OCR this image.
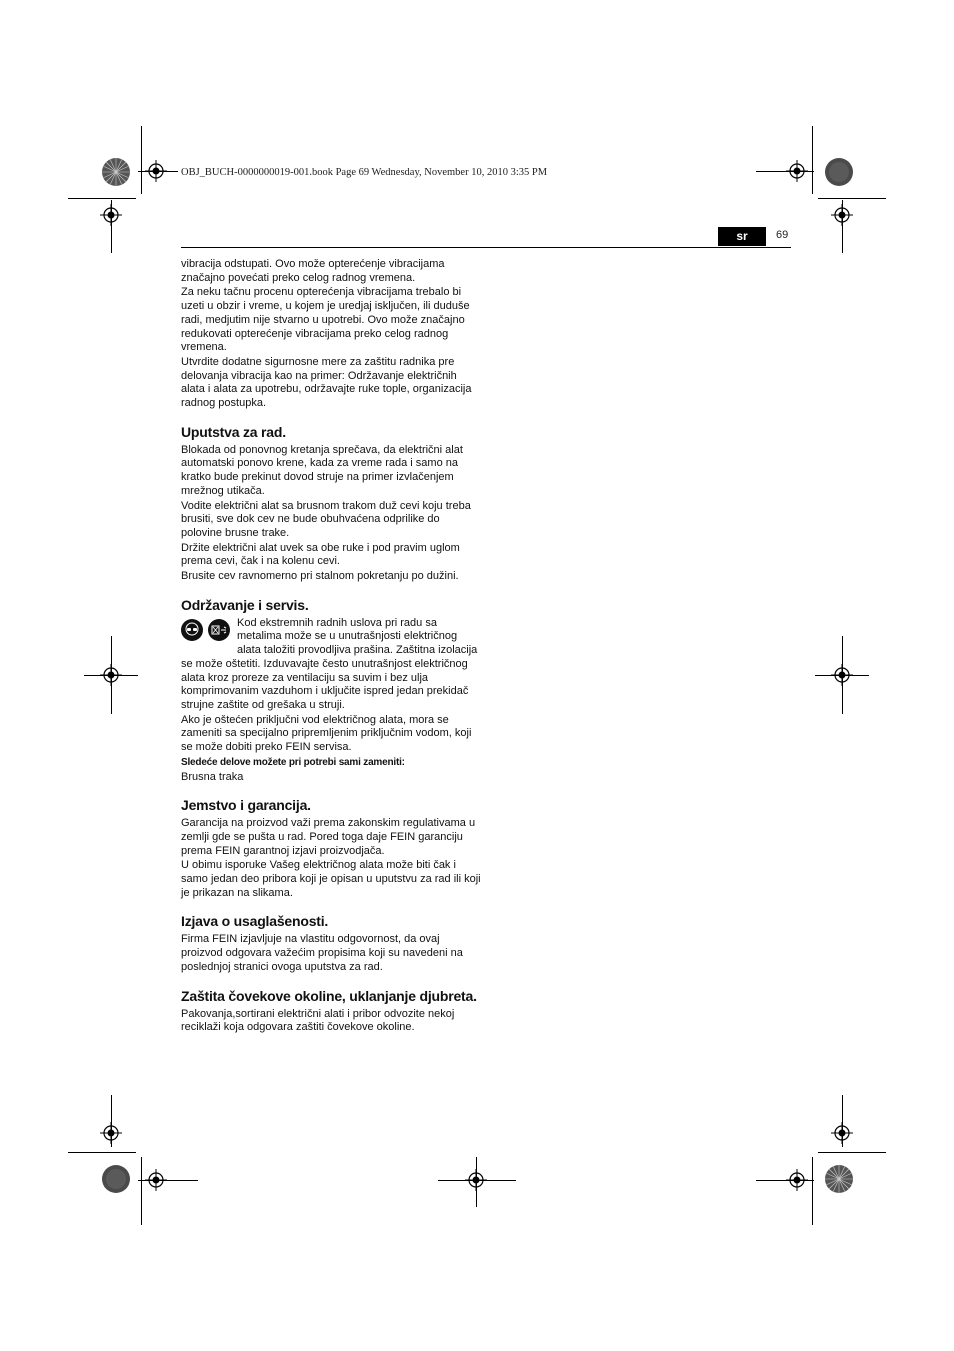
OBJ_BUCH-0000000019-001.book Page 69 Wednesday, November 10, 2010 3:35 PM
sr	69

vibracija odstupati. Ovo može opterećenje vibracijama značajno povećati preko celog radnog vremena.

Za neku tačnu procenu opterećenja vibracijama trebalo bi uzeti u obzir i vreme, u kojem je uredjaj isključen, ili duduše radi, medjutim nije stvarno u upotrebi. Ovo može značajno redukovati opterećenje vibracijama preko celog radnog vremena.

Utvrdite dodatne sigurnosne mere za zaštitu radnika pre delovanja vibracija kao na primer: Održavanje električnih alata i alata za upotrebu, održavajte ruke tople, organizacija radnog postupka.

Uputstva za rad.

Blokada od ponovnog kretanja sprečava, da električni alat automatski ponovo krene, kada za vreme rada i samo na kratko bude prekinut dovod struje na primer izvlačenjem mrežnog utikača.

Vodite električni alat sa brusnom trakom duž cevi koju treba brusiti, sve dok cev ne bude obuhvaćena odprilike do polovine brusne trake.

Držite električni alat uvek sa obe ruke i pod pravim uglom prema cevi, čak i na kolenu cevi.

Brusite cev ravnomerno pri stalnom pokretanju po dužini.

Održavanje i servis.

Kod ekstremnih radnih uslova pri radu sa metalima može se u unutrašnjosti električnog alata taložiti provodljiva prašina. Zaštitna izolacija se može oštetiti. Izduvavajte često unutrašnjost električnog alata kroz proreze za ventilaciju sa suvim i bez ulja komprimovanim vazduhom i uključite ispred jedan prekidač strujne zaštite od grešaka u struji.

Ako je oštećen priključni vod električnog alata, mora se zameniti sa specijalno pripremljenim priključnim vodom, koji se može dobiti preko FEIN servisa.

Sledeće delove možete pri potrebi sami zameniti:

Brusna traka

Jemstvo i garancija.

Garancija na proizvod važi prema zakonskim regulativama u zemlji gde se pušta u rad. Pored toga daje FEIN garanciju prema FEIN garantnoj izjavi proizvodjača.

U obimu isporuke Vašeg električnog alata može biti čak i samo jedan deo pribora koji je opisan u uputstvu za rad ili koji je prikazan na slikama.

Izjava o usaglašenosti.

Firma FEIN izjavljuje na vlastitu odgovornost, da ovaj proizvod odgovara važećim propisima koji su navedeni na poslednjoj stranici ovoga uputstva za rad.

Zaštita čovekove okoline, uklanjanje djubreta.

Pakovanja,sortirani električni alati i pribor odvozite nekoj reciklaži koja odgovara zaštiti čovekove okoline.
